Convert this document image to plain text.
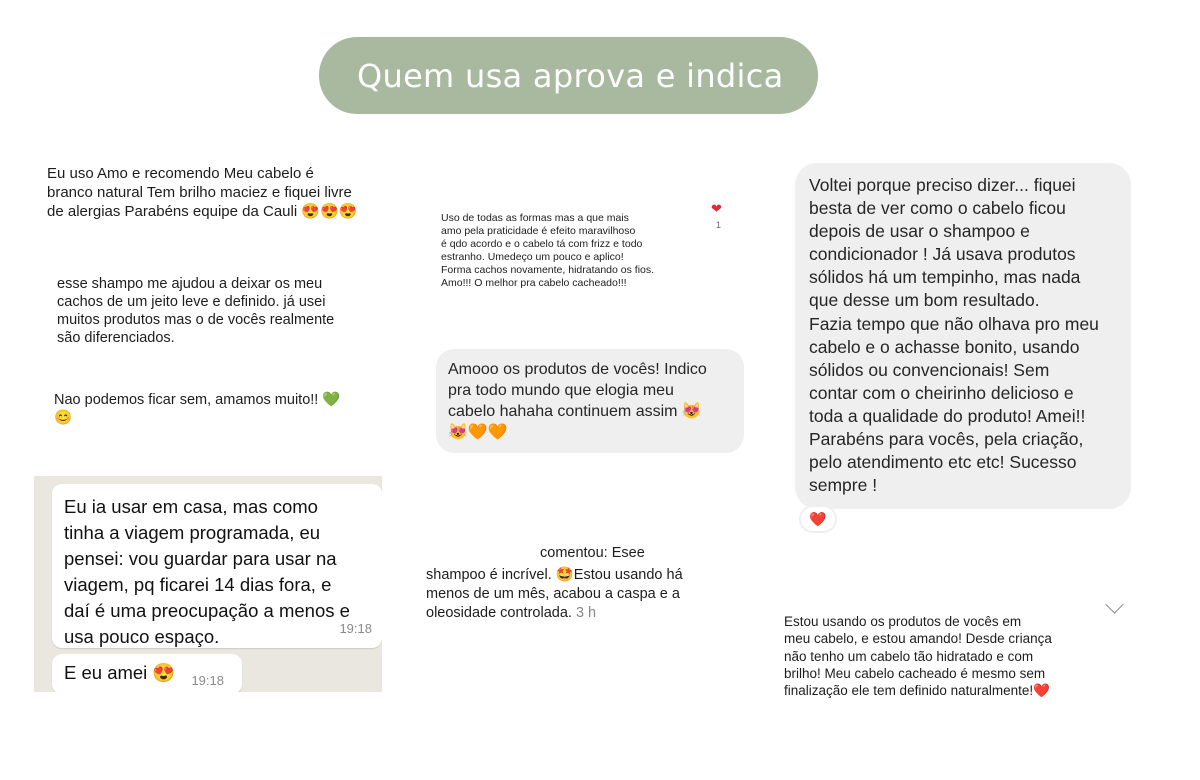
Quem usa aprova e indica
Eu uso Amo e recomendo Meu cabelo é
branco natural Tem brilho maciez e fiquei livre
de alergias Parabéns equipe da Cauli 😍😍😍
esse shampo me ajudou a deixar os meu
cachos de um jeito leve e definido. já usei
muitos produtos mas o de vocês realmente
são diferenciados.
Nao podemos ficar sem, amamos muito!! 💚
😊
Eu ia usar em casa, mas como
tinha a viagem programada, eu
pensei: vou guardar para usar na
viagem, pq ficarei 14 dias fora, e
daí é uma preocupação a menos e
usa pouco espaço.	19:18
E eu amei 😍 19:18
Uso de todas as formas mas a que mais
amo pela praticidade é efeito maravilhoso
é qdo acordo e o cabelo tá com frizz e todo
estranho. Umedeço um pouco e aplico!
Forma cachos novamente, hidratando os fios.
Amo!!! O melhor pra cabelo cacheado!!!
❤
1
Amooo os produtos de vocês! Indico
pra todo mundo que elogia meu
cabelo hahaha continuem assim 😻
😻🧡🧡
comentou: Esee
shampoo é incrível. 🤩Estou usando há
menos de um mês, acabou a caspa e a
oleosidade controlada. 3 h
Voltei porque preciso dizer... fiquei
besta de ver como o cabelo ficou
depois de usar o shampoo e
condicionador ! Já usava produtos
sólidos há um tempinho, mas nada
que desse um bom resultado.
Fazia tempo que não olhava pro meu
cabelo e o achasse bonito, usando
sólidos ou convencionais! Sem
contar com o cheirinho delicioso e
toda a qualidade do produto! Amei!!
Parabéns para vocês, pela criação,
pelo atendimento etc etc! Sucesso
sempre !
❤️
Estou usando os produtos de vocês em
meu cabelo, e estou amando! Desde criança
não tenho um cabelo tão hidratado e com
brilho! Meu cabelo cacheado é mesmo sem
finalização ele tem definido naturalmente!❤️
